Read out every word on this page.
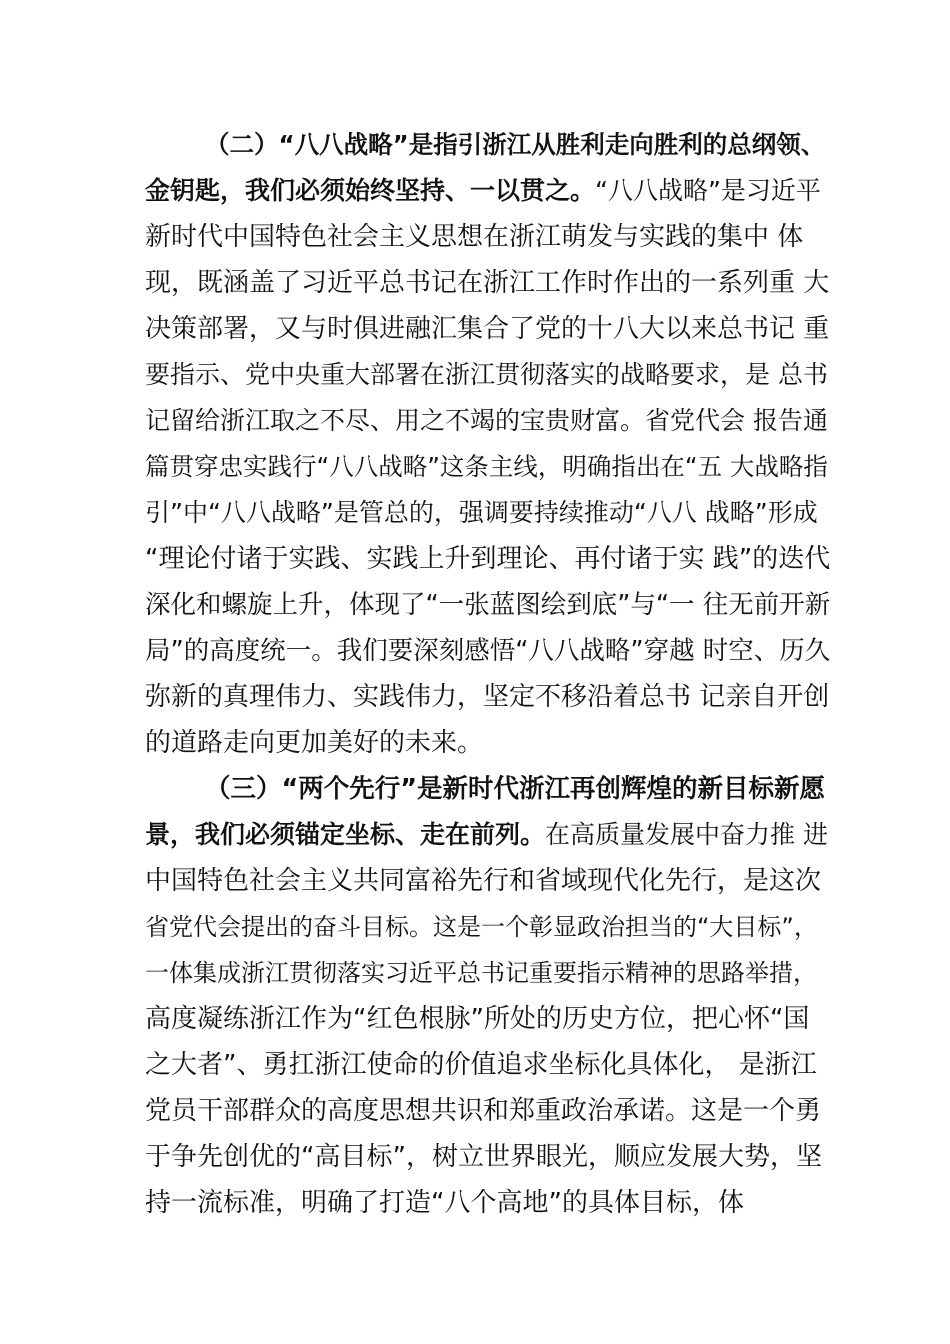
（二）“八八战略”是指引浙江从胜利走向胜利的总纲领、
金钥匙，我们必须始终坚持、一以贯之。“八八战略”是习近平
新时代中国特色社会主义思想在浙江萌发与实践的集中 体
现，既涵盖了习近平总书记在浙江工作时作出的一系列重 大
决策部署，又与时俱进融汇集合了党的十八大以来总书记 重
要指示、党中央重大部署在浙江贯彻落实的战略要求，是 总书
记留给浙江取之不尽、用之不竭的宝贵财富。省党代会 报告通
篇贯穿忠实践行“八八战略”这条主线，明确指出在“五 大战略指
引”中“八八战略”是管总的，强调要持续推动“八八 战略”形成
“理论付诸于实践、实践上升到理论、再付诸于实 践”的迭代
深化和螺旋上升，体现了“一张蓝图绘到底”与“一 往无前开新
局”的高度统一。我们要深刻感悟“八八战略”穿越 时空、历久
弥新的真理伟力、实践伟力，坚定不移沿着总书 记亲自开创
的道路走向更加美好的未来。
（三）“两个先行”是新时代浙江再创辉煌的新目标新愿
景，我们必须锚定坐标、走在前列。在高质量发展中奋力推 进
中国特色社会主义共同富裕先行和省域现代化先行，是这次
省党代会提出的奋斗目标。这是一个彰显政治担当的“大目标”，
一体集成浙江贯彻落实习近平总书记重要指示精神的思路举措，
高度凝练浙江作为“红色根脉”所处的历史方位，把心怀“国
之大者”、勇扛浙江使命的价值追求坐标化具体化， 是浙江
党员干部群众的高度思想共识和郑重政治承诺。这是一个勇
于争先创优的“高目标”，树立世界眼光，顺应发展大势，坚
持一流标准，明确了打造“八个高地”的具体目标，体
